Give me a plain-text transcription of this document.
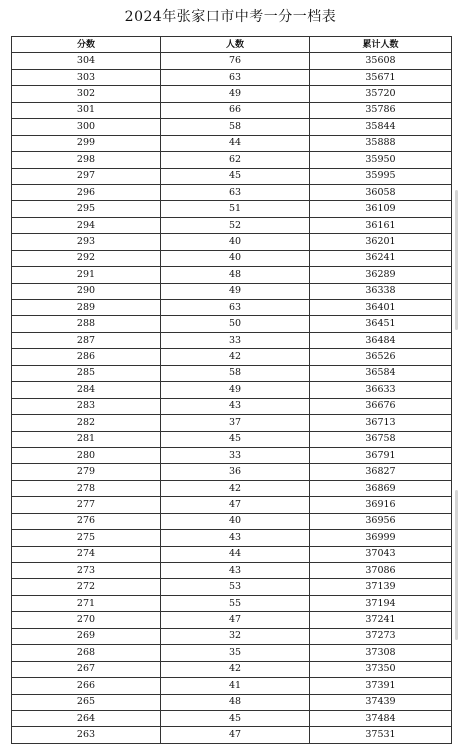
2024年张家口市中考一分一档表
分数	人数	累计人数
304	76	35608
303	63	35671
302	49	35720
301	66	35786
300	58	35844
299	44	35888
298	62	35950
297	45	35995
296	63	36058
295	51	36109
294	52	36161
293	40	36201
292	40	36241
291	48	36289
290	49	36338
289	63	36401
288	50	36451
287	33	36484
286	42	36526
285	58	36584
284	49	36633
283	43	36676
282	37	36713
281	45	36758
280	33	36791
279	36	36827
278	42	36869
277	47	36916
276	40	36956
275	43	36999
274	44	37043
273	43	37086
272	53	37139
271	55	37194
270	47	37241
269	32	37273
268	35	37308
267	42	37350
266	41	37391
265	48	37439
264	45	37484
263	47	37531
